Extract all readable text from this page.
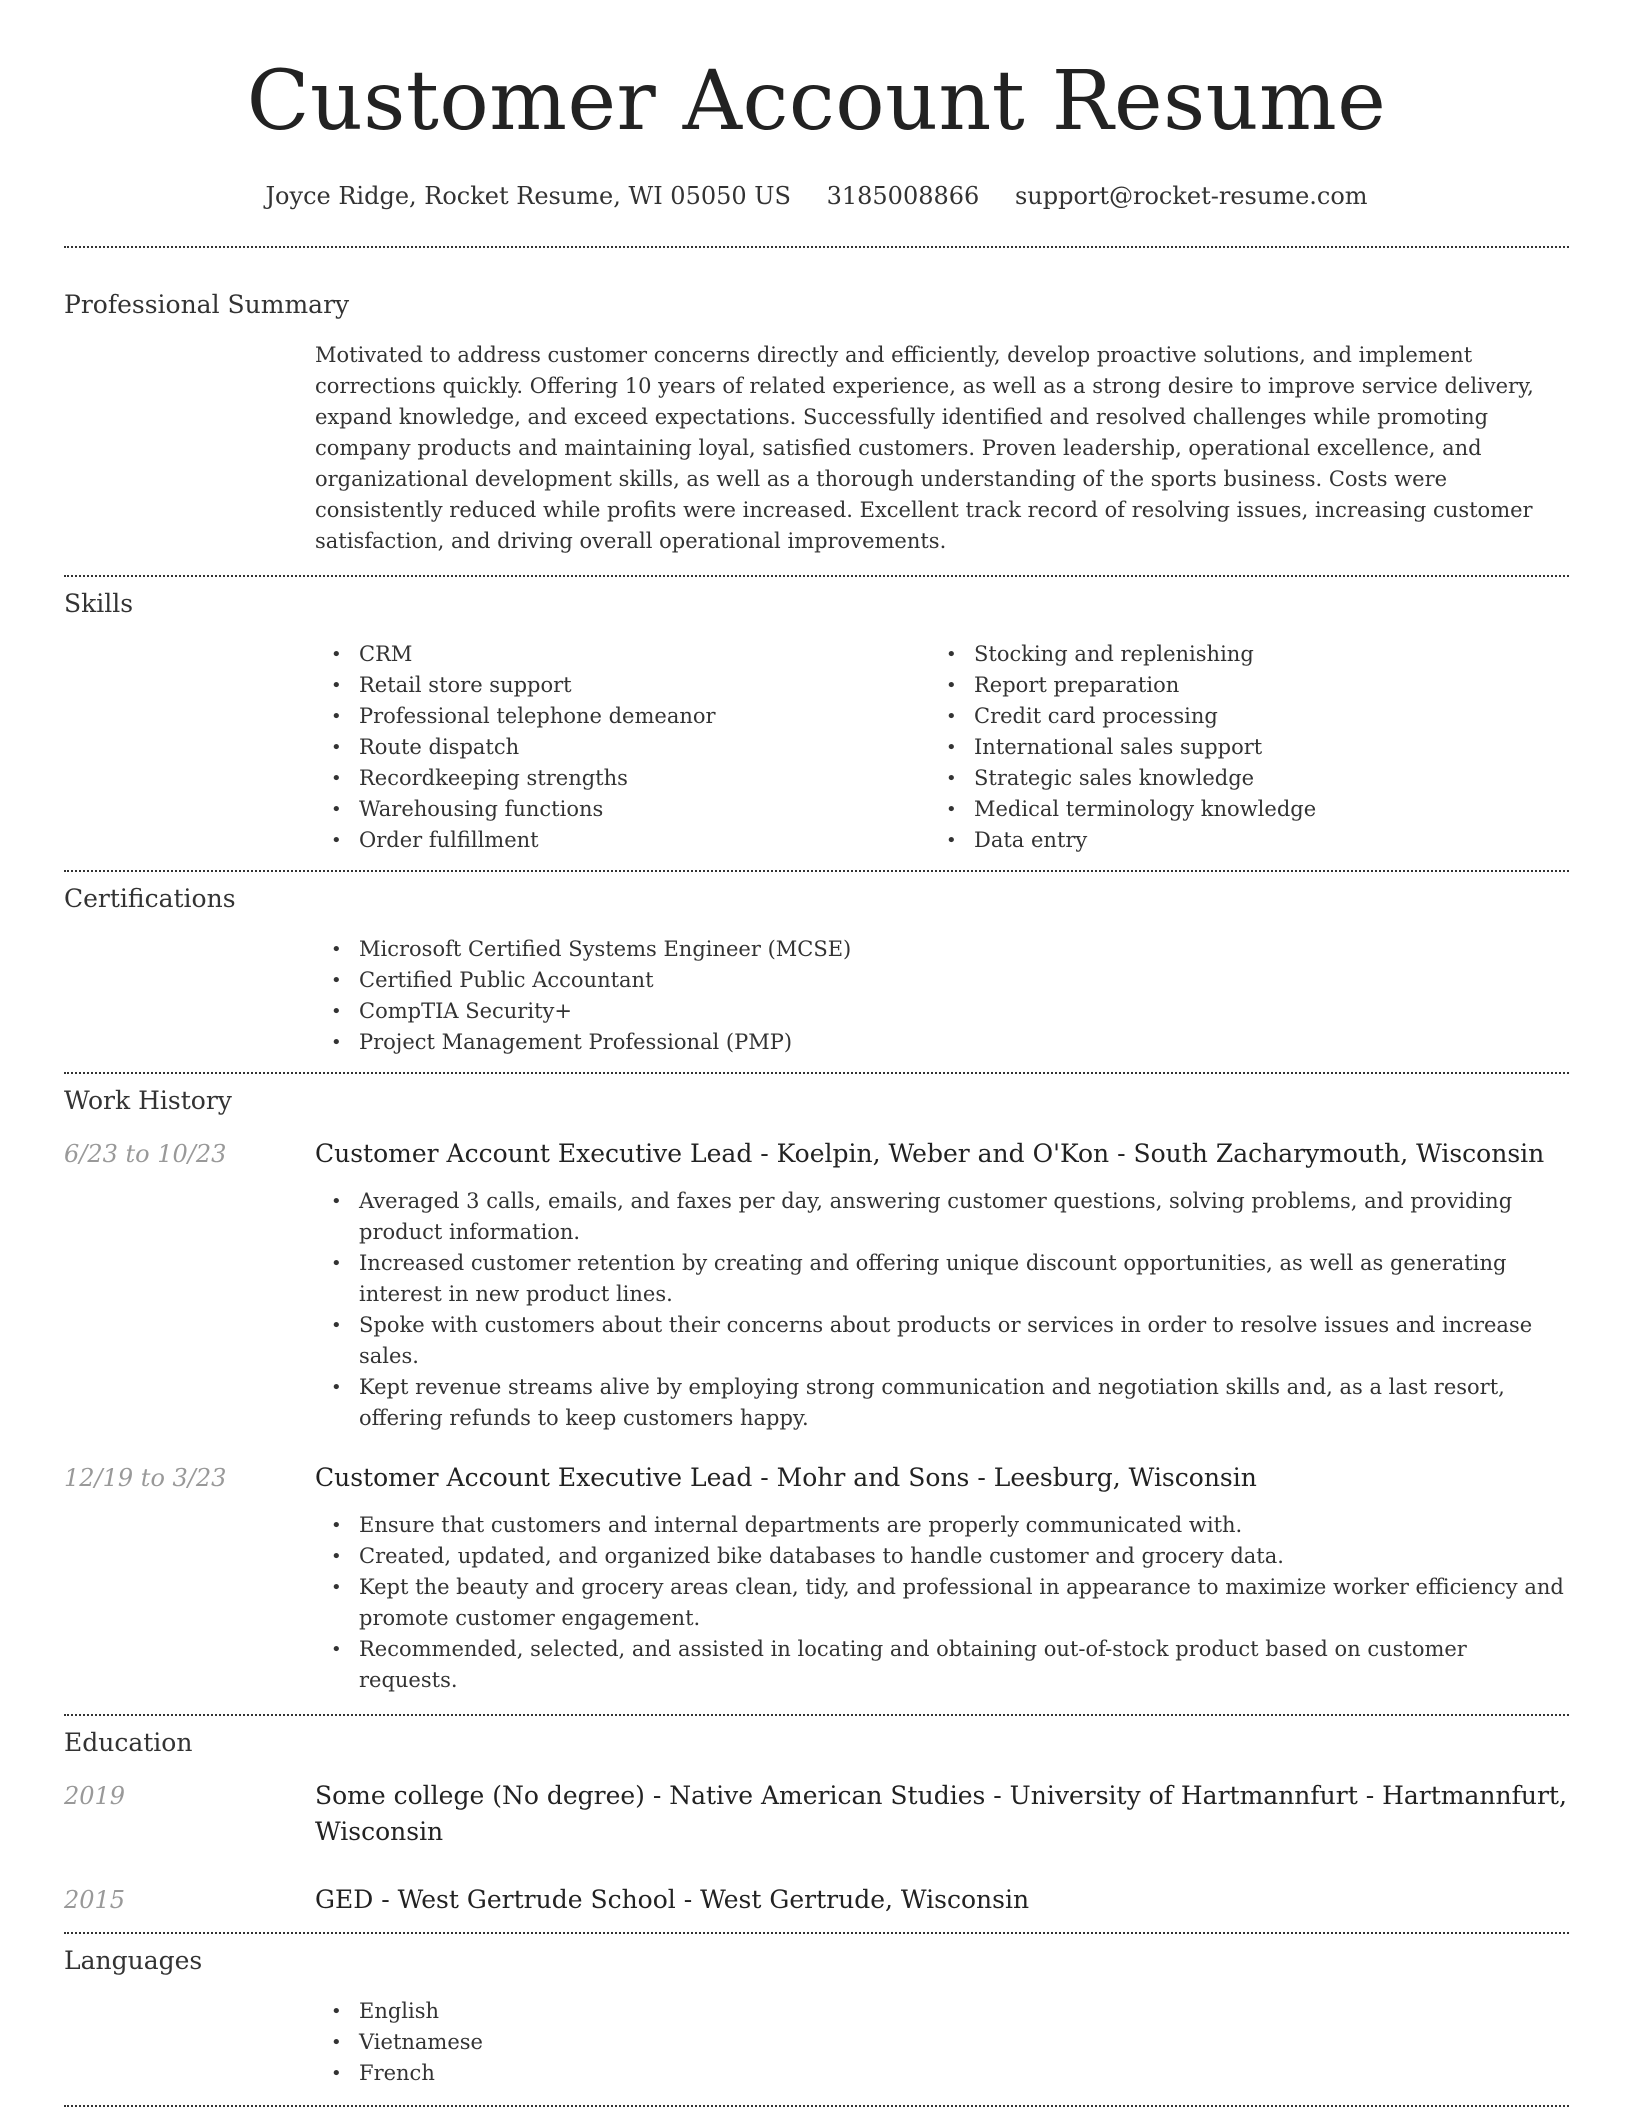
Customer Account Resume
Joyce Ridge, Rocket Resume, WI 05050 US 3185008866 support@rocket-resume.com
Professional Summary

Motivated to address customer concerns directly and efficiently, develop proactive solutions, and implement corrections quickly. Offering 10 years of related experience, as well as a strong desire to improve service delivery, expand knowledge, and exceed expectations. Successfully identified and resolved challenges while promoting company products and maintaining loyal, satisfied customers. Proven leadership, operational excellence, and organizational development skills, as well as a thorough understanding of the sports business. Costs were consistently reduced while profits were increased. Excellent track record of resolving issues, increasing customer satisfaction, and driving overall operational improvements.

Skills
• CRM
• Retail store support
• Professional telephone demeanor
• Route dispatch
• Recordkeeping strengths
• Warehousing functions
• Order fulfillment
• Stocking and replenishing
• Report preparation
• Credit card processing
• International sales support
• Strategic sales knowledge
• Medical terminology knowledge
• Data entry
Certifications
• Microsoft Certified Systems Engineer (MCSE)
• Certified Public Accountant
• CompTIA Security+
• Project Management Professional (PMP)
Work History
6/23 to 10/23	Customer Account Executive Lead - Koelpin, Weber and O'Kon - South Zacharymouth, Wisconsin
• Averaged 3 calls, emails, and faxes per day, answering customer questions, solving problems, and providing product information.
• Increased customer retention by creating and offering unique discount opportunities, as well as generating interest in new product lines.
• Spoke with customers about their concerns about products or services in order to resolve issues and increase sales.
• Kept revenue streams alive by employing strong communication and negotiation skills and, as a last resort, offering refunds to keep customers happy.
12/19 to 3/23	Customer Account Executive Lead - Mohr and Sons - Leesburg, Wisconsin
• Ensure that customers and internal departments are properly communicated with.
• Created, updated, and organized bike databases to handle customer and grocery data.
• Kept the beauty and grocery areas clean, tidy, and professional in appearance to maximize worker efficiency and promote customer engagement.
• Recommended, selected, and assisted in locating and obtaining out-of-stock product based on customer requests.
Education
2019	Some college (No degree) - Native American Studies - University of Hartmannfurt - Hartmannfurt, Wisconsin
2015	GED - West Gertrude School - West Gertrude, Wisconsin
Languages
• English
• Vietnamese
• French
